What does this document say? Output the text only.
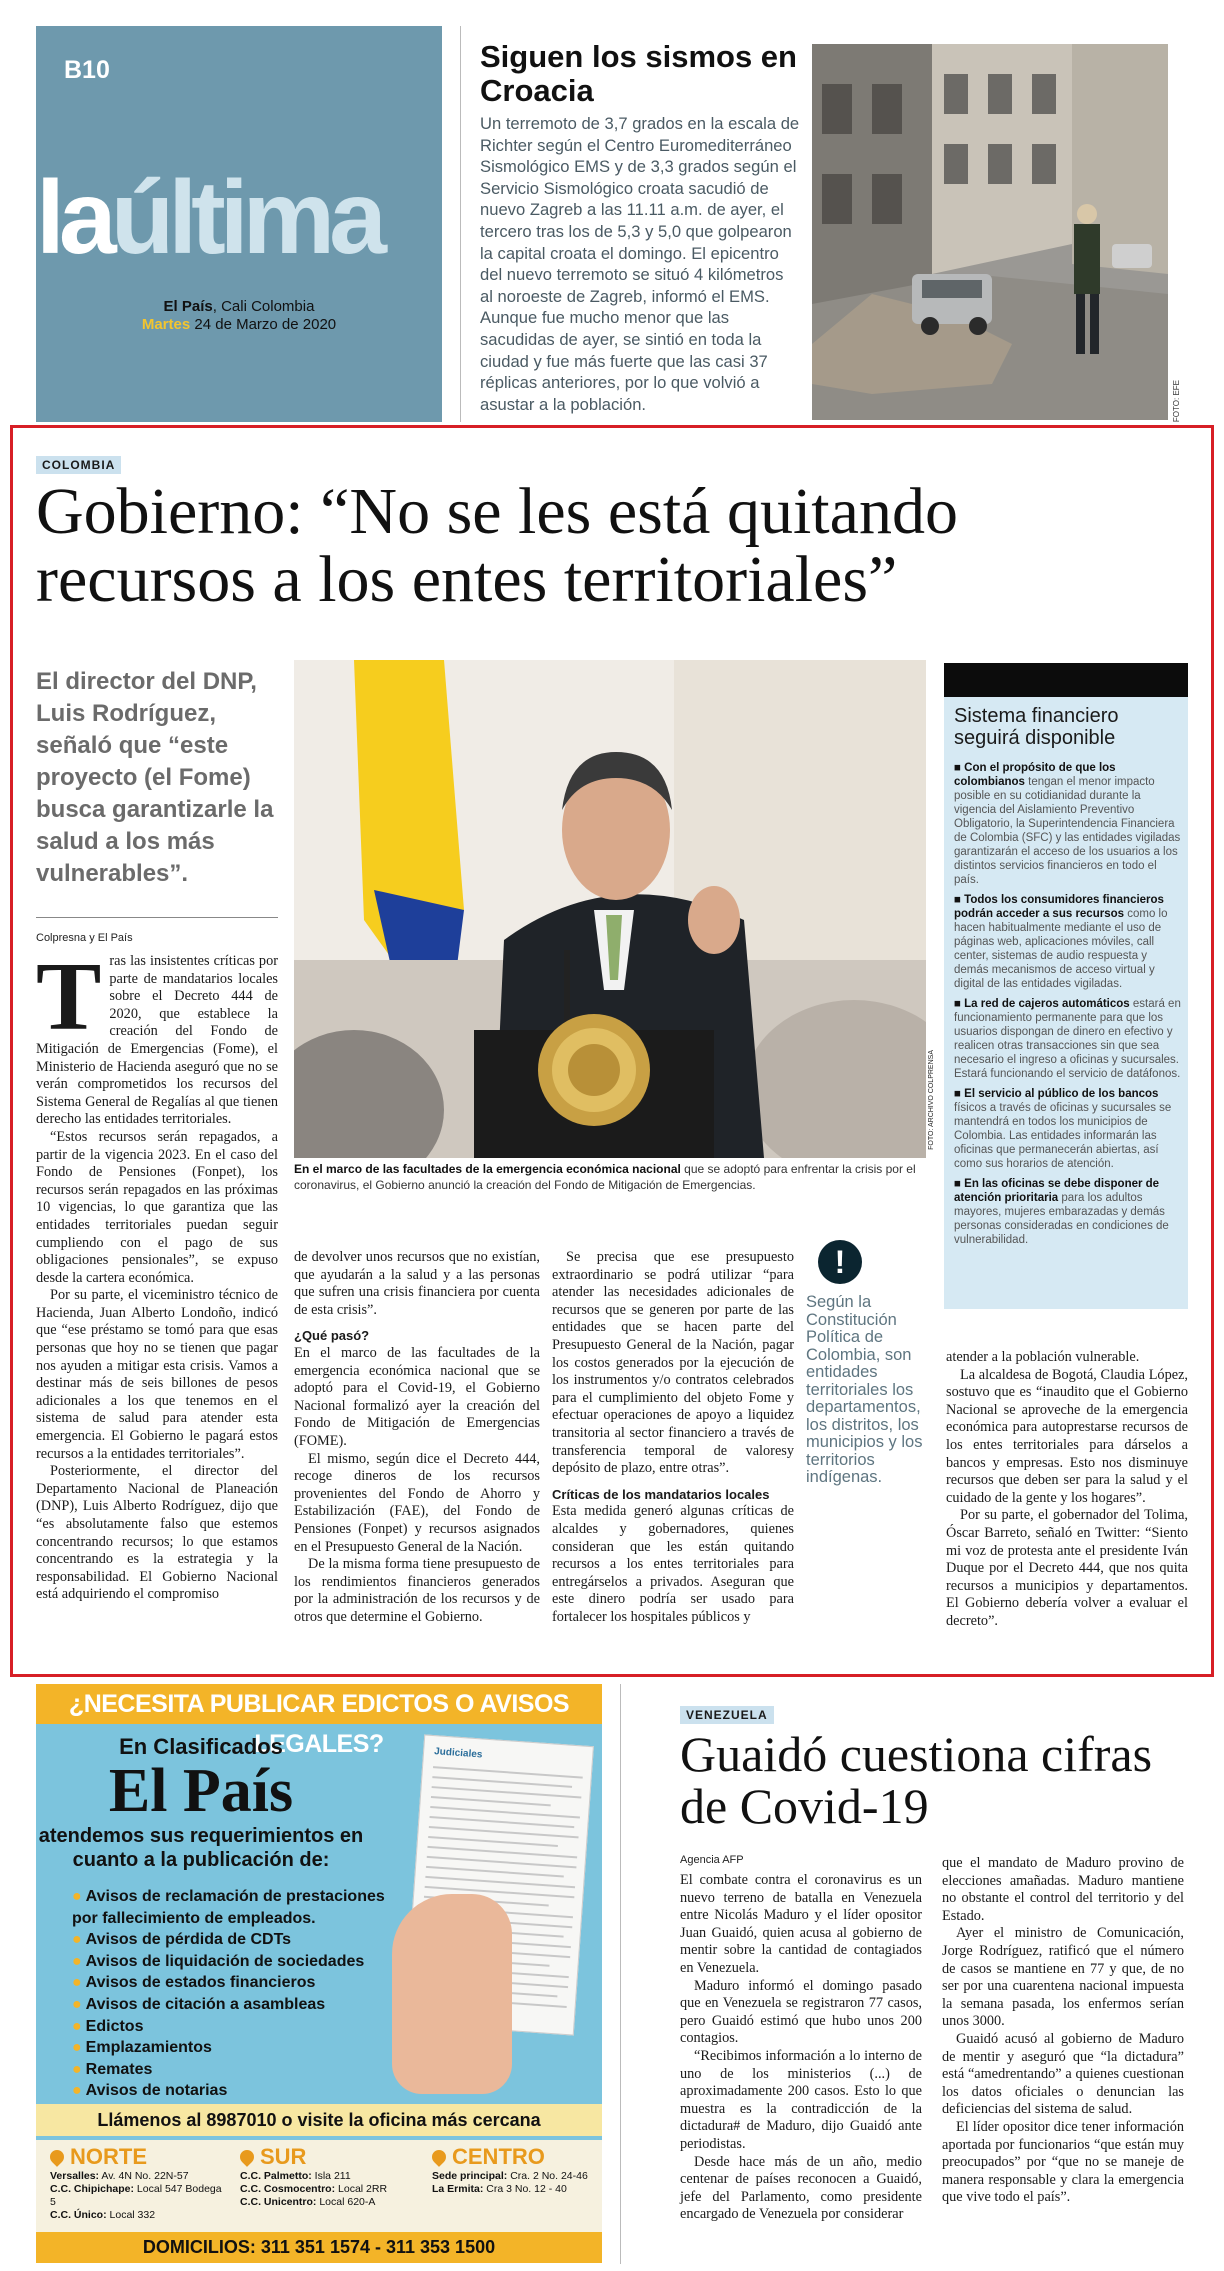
B10
laúltima
El País, Cali Colombia
Martes 24 de Marzo de 2020
Siguen los sismos en Croacia
Un terremoto de 3,7 grados en la escala de Richter según el Centro Euromediterráneo Sismológico EMS y de 3,3 grados según el Servicio Sismológico croata sacudió de nuevo Zagreb a las 11.11 a.m. de ayer, el tercero tras los de 5,3 y 5,0 que golpearon la capital croata el domingo. El epicentro del nuevo terremoto se situó 4 kilómetros al noroeste de Zagreb, informó el EMS. Aunque fue mucho menor que las sacudidas de ayer, se sintió en toda la ciudad y fue más fuerte que las casi 37 réplicas anteriores, por lo que volvió a asustar a la población.	FOTO: EFE
COLOMBIA
Gobierno: “No se les está quitando recursos a los entes territoriales”
El director del DNP, Luis Rodríguez, señaló que “este proyecto (el Fome) busca garantizarle la salud a los más vulnerables”.
Colpresna y El País

Tras las insistentes críticas por parte de mandatarios locales sobre el Decreto 444 de 2020, que establece la creación del Fondo de Mitigación de Emergencias (Fome), el Ministerio de Hacienda aseguró que no se verán comprometidos los recursos del Sistema General de Regalías al que tienen derecho las entidades territoriales.

“Estos recursos serán repagados, a partir de la vigencia 2023. En el caso del Fondo de Pensiones (Fonpet), los recursos serán repagados en las próximas 10 vigencias, lo que garantiza que las entidades territoriales puedan seguir cumpliendo con el pago de sus obligaciones pensionales”, se expuso desde la cartera económica.

Por su parte, el viceministro técnico de Hacienda, Juan Alberto Londoño, indicó que “ese préstamo se tomó para que esas personas que hoy no se tienen que pagar nos ayuden a mitigar esta crisis. Vamos a destinar más de seis billones de pesos adicionales a los que tenemos en el sistema de salud para atender esta emergencia. El Gobierno le pagará estos recursos a la entidades territoriales”.

Posteriormente, el director del Departamento Nacional de Planeación (DNP), Luis Alberto Rodríguez, dijo que “es absolutamente falso que estemos concentrando recursos; lo que estamos concentrando es la estrategia y la responsabilidad. El Gobierno Nacional está adquiriendo el compromiso

FOTO: ARCHIVO COLPRENSA
En el marco de las facultades de la emergencia económica nacional que se adoptó para enfrentar la crisis por el coronavirus, el Gobierno anunció la creación del Fondo de Mitigación de Emergencias.

de devolver unos recursos que no existían, que ayudarán a la salud y a las personas que sufren una crisis financiera por cuenta de esta crisis”.

¿Qué pasó?

En el marco de las facultades de la emergencia económica nacional que se adoptó para el Covid-19, el Gobierno Nacional formalizó ayer la creación del Fondo de Mitigación de Emergencias (FOME).

El mismo, según dice el Decreto 444, recoge dineros de los recursos provenientes del Fondo de Ahorro y Estabilización (FAE), del Fondo de Pensiones (Fonpet) y recursos asignados en el Presupuesto General de la Nación.

De la misma forma tiene presupuesto de los rendimientos financieros generados por la administración de los recursos y de otros que determine el Gobierno.

Se precisa que ese presupuesto extraordinario se podrá utilizar “para atender las necesidades adicionales de recursos que se generen por parte de las entidades que se hacen parte del Presupuesto General de la Nación, pagar los costos generados por la ejecución de los instrumentos y/o contratos celebrados para el cumplimiento del objeto Fome y efectuar operaciones de apoyo a liquidez transitoria al sector financiero a través de transferencia temporal de valoresy depósito de plazo, entre otras”.

Críticas de los mandatarios locales

Esta medida generó algunas críticas de alcaldes y gobernadores, quienes consideran que les están quitando recursos a los entes territoriales para entregárselos a privados. Aseguran que este dinero podría ser usado para fortalecer los hospitales públicos y

!
Según la Constitución Política de Colombia, son entidades territoriales los departamentos, los distritos, los municipios y los territorios indígenas.

atender a la población vulnerable.

La alcaldesa de Bogotá, Claudia López, sostuvo que es “inaudito que el Gobierno Nacional se aproveche de la emergencia económica para autoprestarse recursos de los entes territoriales para dárselos a bancos y empresas. Esto nos disminuye recursos que deben ser para la salud y el cuidado de la gente y los hogares”.

Por su parte, el gobernador del Tolima, Óscar Barreto, señaló en Twitter: “Siento mi voz de protesta ante el presidente Iván Duque por el Decreto 444, que nos quita recursos a municipios y departamentos. El Gobierno debería volver a evaluar el decreto”.

Sistema financiero seguirá disponible
■ Con el propósito de que los colombianos tengan el menor impacto posible en su cotidianidad durante la vigencia del Aislamiento Preventivo Obligatorio, la Superintendencia Financiera de Colombia (SFC) y las entidades vigiladas garantizarán el acceso de los usuarios a los distintos servicios financieros en todo el país.
■ Todos los consumidores financieros podrán acceder a sus recursos como lo hacen habitualmente mediante el uso de páginas web, aplicaciones móviles, call center, sistemas de audio respuesta y demás mecanismos de acceso virtual y digital de las entidades vigiladas.
■ La red de cajeros automáticos estará en funcionamiento permanente para que los usuarios dispongan de dinero en efectivo y realicen otras transacciones sin que sea necesario el ingreso a oficinas y sucursales. Estará funcionando el servicio de datáfonos.
■ El servicio al público de los bancos físicos a través de oficinas y sucursales se mantendrá en todos los municipios de Colombia. Las entidades informarán las oficinas que permanecerán abiertas, así como sus horarios de atención.
■ En las oficinas se debe disponer de atención prioritaria para los adultos mayores, mujeres embarazadas y demás personas consideradas en condiciones de vulnerabilidad.
¿NECESITA PUBLICAR EDICTOS O AVISOS LEGALES?	Judiciales
En Clasificados
El País
atendemos sus requerimientos en cuanto a la publicación de:
● Avisos de reclamación de prestaciones por fallecimiento de empleados.
● Avisos de pérdida de CDTs
● Avisos de liquidación de sociedades
● Avisos de estados financieros
● Avisos de citación a asambleas
● Edictos
● Emplazamientos
● Remates
● Avisos de notarias
Llámenos al 8987010 o visite la oficina más cercana
NORTE
Versalles: Av. 4N No. 22N-57
C.C. Chipichape: Local 547 Bodega 5
C.C. Único: Local 332
SUR
C.C. Palmetto: Isla 211
C.C. Cosmocentro: Local 2RR
C.C. Unicentro: Local 620-A
CENTRO
Sede principal: Cra. 2 No. 24-46
La Ermita: Cra 3 No. 12 - 40
DOMICILIOS: 311 351 1574 - 311 353 1500
VENEZUELA
Guaidó cuestiona cifras de Covid-19
Agencia AFP

El combate contra el coronavirus es un nuevo terreno de batalla en Venezuela entre Nicolás Maduro y el líder opositor Juan Guaidó, quien acusa al gobierno de mentir sobre la cantidad de contagiados en Venezuela.

Maduro informó el domingo pasado que en Venezuela se registraron 77 casos, pero Guaidó estimó que hubo unos 200 contagios.

“Recibimos información a lo interno de uno de los ministerios (...) de aproximadamente 200 casos. Esto lo que muestra es la contradicción de la dictadura# de Maduro, dijo Guaidó ante periodistas.

Desde hace más de un año, medio centenar de países reconocen a Guaidó, jefe del Parlamento, como presidente encargado de Venezuela por considerar

que el mandato de Maduro provino de elecciones amañadas. Maduro mantiene no obstante el control del territorio y del Estado.

Ayer el ministro de Comunicación, Jorge Rodríguez, ratificó que el número de casos se mantiene en 77 y que, de no ser por una cuarentena nacional impuesta la semana pasada, los enfermos serían unos 3000.

Guaidó acusó al gobierno de Maduro de mentir y aseguró que “la dictadura” está “amedrentando” a quienes cuestionan los datos oficiales o denuncian las deficiencias del sistema de salud.

El líder opositor dice tener información aportada por funcionarios “que están muy preocupados” por “que no se maneje de manera responsable y clara la emergencia que vive todo el país”.
